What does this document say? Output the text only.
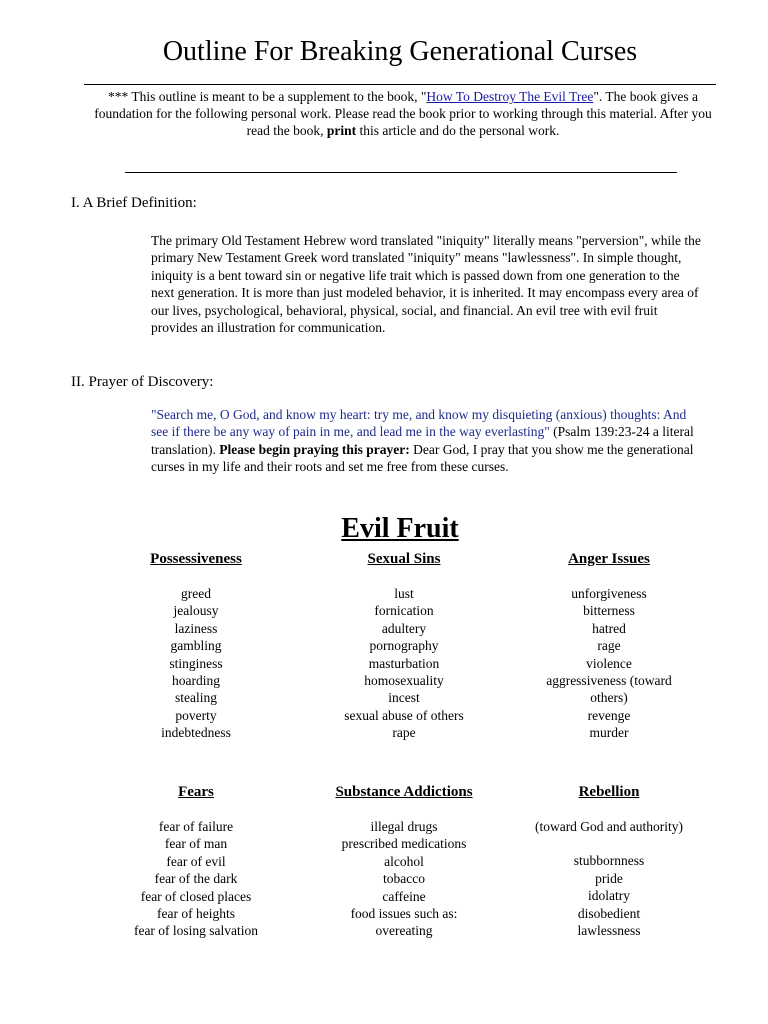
Outline For Breaking Generational Curses
*** This outline is meant to be a supplement to the book, "How To Destroy The Evil Tree". The book gives a foundation for the following personal work. Please read the book prior to working through this material. After you read the book, print this article and do the personal work.
I. A Brief Definition:
The primary Old Testament Hebrew word translated "iniquity" literally means "perversion", while the primary New Testament Greek word translated "iniquity" means "lawlessness". In simple thought, iniquity is a bent toward sin or negative life trait which is passed down from one generation to the next generation. It is more than just modeled behavior, it is inherited. It may encompass every area of our lives, psychological, behavioral, physical, social, and financial. An evil tree with evil fruit provides an illustration for communication.
II. Prayer of Discovery:
"Search me, O God, and know my heart: try me, and know my disquieting (anxious) thoughts: And see if there be any way of pain in me, and lead me in the way everlasting" (Psalm 139:23-24 a literal translation). Please begin praying this prayer: Dear God, I pray that you show me the generational curses in my life and their roots and set me free from these curses.
Evil Fruit
Possessiveness
greed
jealousy
laziness
gambling
stinginess
hoarding
stealing
poverty
indebtedness
Sexual Sins
lust
fornication
adultery
pornography
masturbation
homosexuality
incest
sexual abuse of others
rape
Anger Issues
unforgiveness
bitterness
hatred
rage
violence
aggressiveness (toward
others)
revenge
murder
Fears
fear of failure
fear of man
fear of evil
fear of the dark
fear of closed places
fear of heights
fear of losing salvation
Substance Addictions
illegal drugs
prescribed medications
alcohol
tobacco
caffeine
food issues such as:
overeating
Rebellion
(toward God and authority)
stubbornness
pride
idolatry
disobedient
lawlessness
